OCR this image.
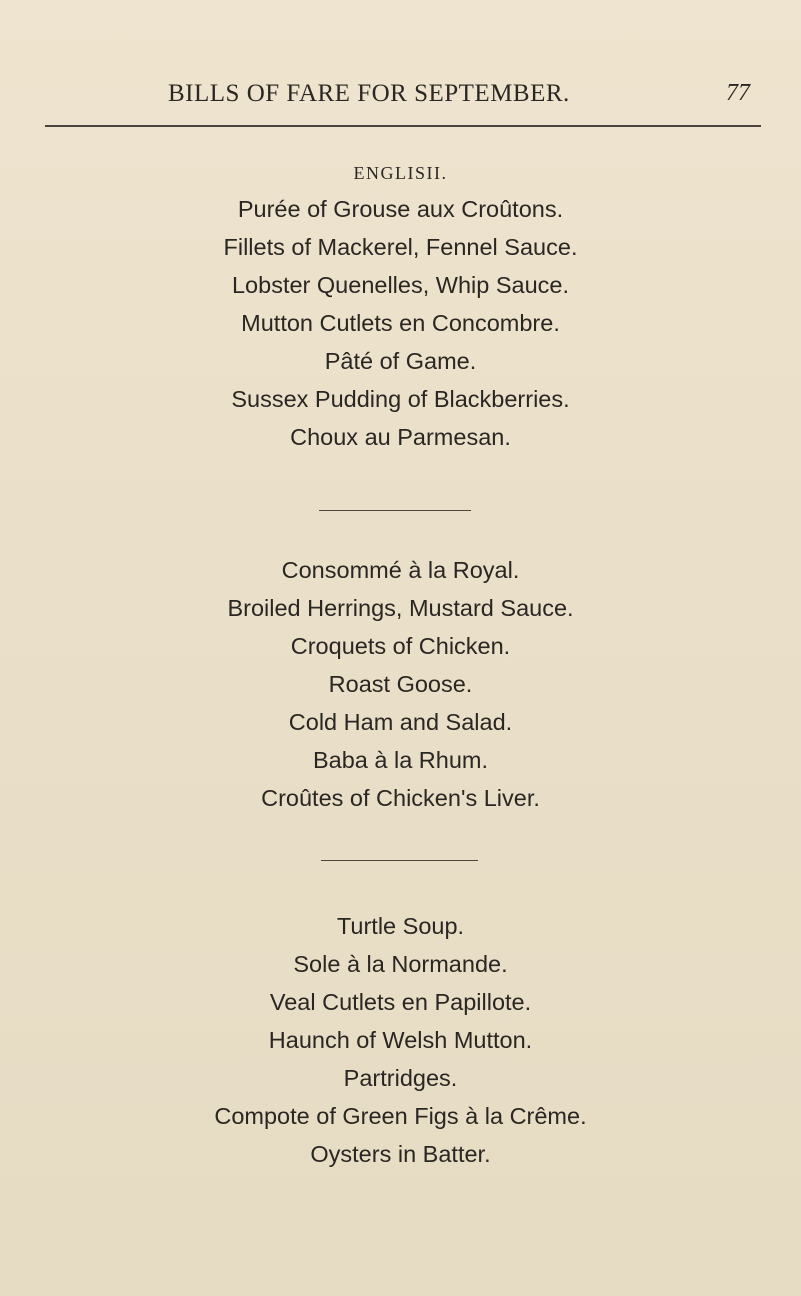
BILLS OF FARE FOR SEPTEMBER.	77
ENGLISII.
Purée of Grouse aux Croûtons.
Fillets of Mackerel, Fennel Sauce.
Lobster Quenelles, Whip Sauce.
Mutton Cutlets en Concombre.
Pâté of Game.
Sussex Pudding of Blackberries.
Choux au Parmesan.
Consommé à la Royal.
Broiled Herrings, Mustard Sauce.
Croquets of Chicken.
Roast Goose.
Cold Ham and Salad.
Baba à la Rhum.
Croûtes of Chicken's Liver.
Turtle Soup.
Sole à la Normande.
Veal Cutlets en Papillote.
Haunch of Welsh Mutton.
Partridges.
Compote of Green Figs à la Crême.
Oysters in Batter.
